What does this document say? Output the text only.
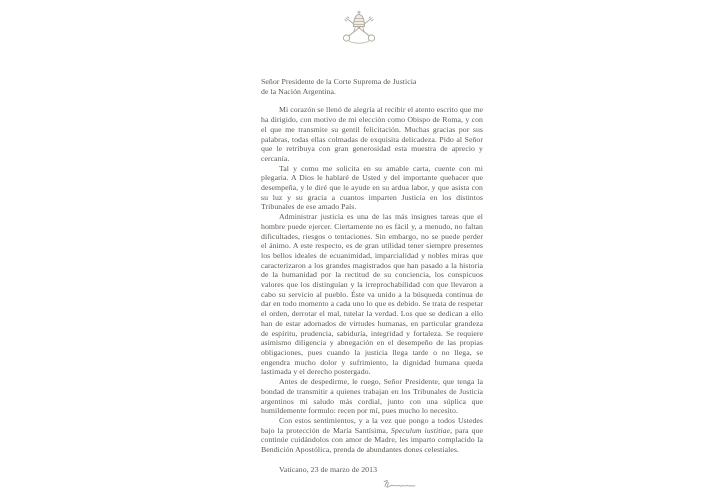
Señor Presidente de la Corte Suprema de Justicia
de la Nación Argentina.

Mi corazón se llenó de alegría al recibir el atento escrito que me ha dirigido, con motivo de mi elección como Obispo de Roma, y con el que me transmite su gentil felicitación. Muchas gracias por sus palabras, todas ellas colmadas de exquisita delicadeza. Pido al Señor que le retribuya con gran generosidad esta muestra de aprecio y cercanía.

Tal y como me solicita en su amable carta, cuente con mi plegaria. A Dios le hablaré de Usted y del importante quehacer que desempeña, y le diré que le ayude en su ardua labor, y que asista con su luz y su gracia a cuantos imparten Justicia en los distintos Tribunales de ese amado País.

Administrar justicia es una de las más insignes tareas que el hombre puede ejercer. Ciertamente no es fácil y, a menudo, no faltan dificultades, riesgos o tentaciones. Sin embargo, no se puede perder el ánimo. A este respecto, es de gran utilidad tener siempre presentes los bellos ideales de ecuanimidad, imparcialidad y nobles miras que caracterizaron a los grandes magistrados que han pasado a la historia de la humanidad por la rectitud de su conciencia, los conspicuos valores que los distinguían y la irreprochabilidad con que llevaron a cabo su servicio al pueblo. Éste va unido a la búsqueda continua de dar en todo momento a cada uno lo que es debido. Se trata de respetar el orden, derrotar el mal, tutelar la verdad. Los que se dedican a ello han de estar adornados de virtudes humanas, en particular grandeza de espíritu, prudencia, sabiduría, integridad y fortaleza. Se requiere asimismo diligencia y abnegación en el desempeño de las propias obligaciones, pues cuando la justicia llega tarde o no llega, se engendra mucho dolor y sufrimiento, la dignidad humana queda lastimada y el derecho postergado.

Antes de despedirme, le ruego, Señor Presidente, que tenga la bondad de transmitir a quienes trabajan en los Tribunales de Justicia argentinos mi saludo más cordial, junto con una súplica que humildemente formulo: recen por mí, pues mucho lo necesito.

Con estos sentimientos, y a la vez que pongo a todos Ustedes bajo la protección de María Santísima, Speculum iustitiae, para que continúe cuidándolos con amor de Madre, les imparto complacido la Bendición Apostólica, prenda de abundantes dones celestiales.

Vaticano, 23 de marzo de 2013
